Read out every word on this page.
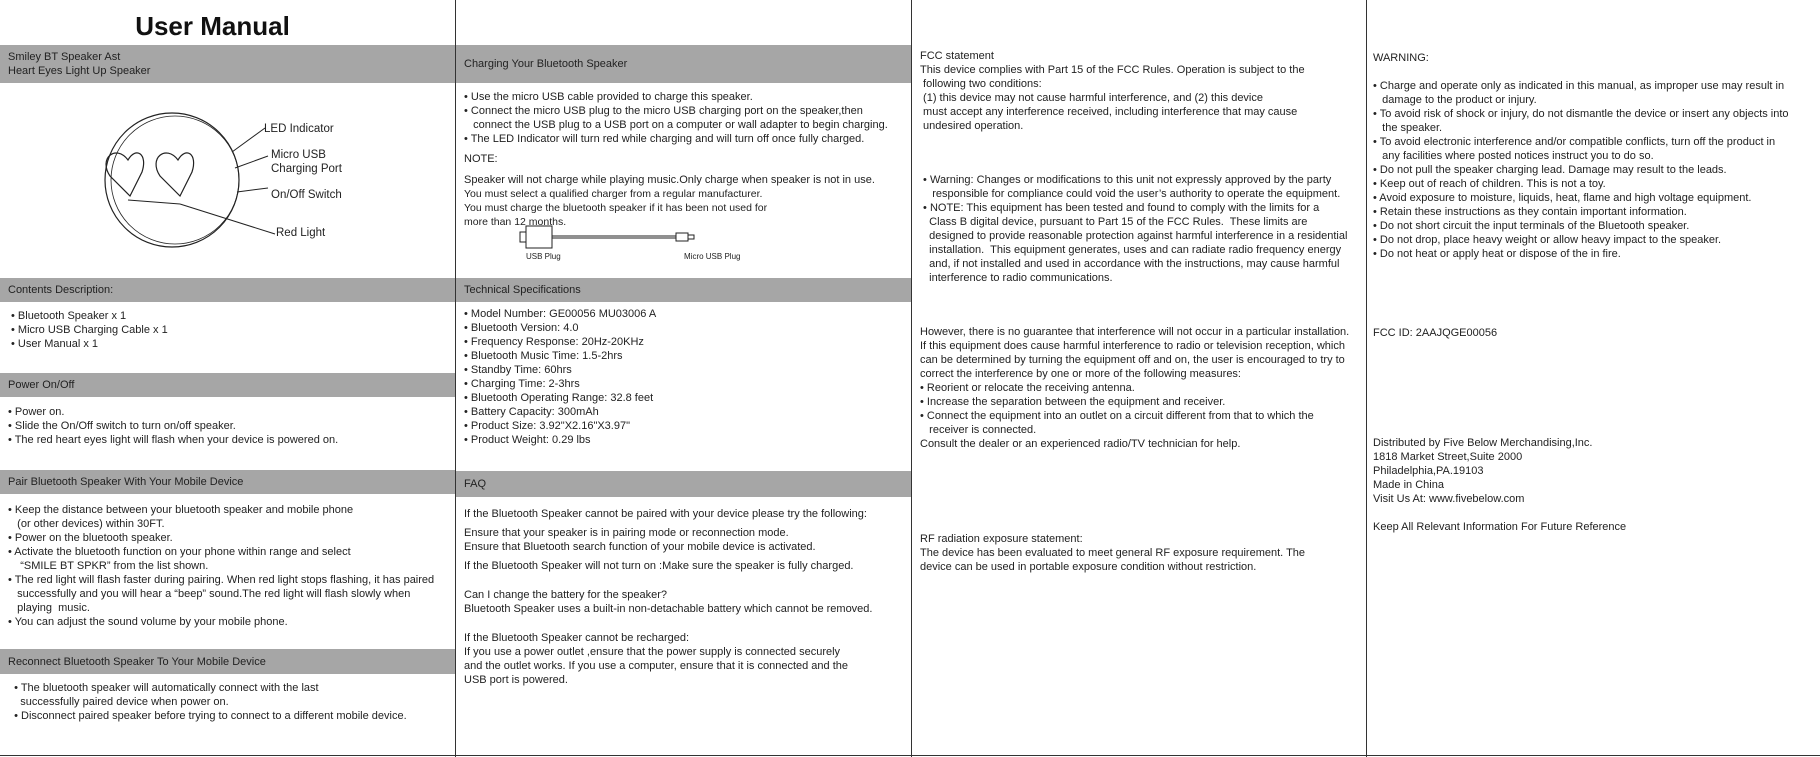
User Manual
Smiley BT Speaker Ast
Heart Eyes Light Up Speaker
LED Indicator
Micro USB
Charging Port
On/Off Switch
Red Light
Contents Description:
• Bluetooth Speaker x 1
• Micro USB Charging Cable x 1
• User Manual x 1
Power On/Off
• Power on.
• Slide the On/Off switch to turn on/off speaker.
• The red heart eyes light will flash when your device is powered on.
Pair Bluetooth Speaker With Your Mobile Device
• Keep the distance between your bluetooth speaker and mobile phone
(or other devices) within 30FT.
• Power on the bluetooth speaker.
• Activate the bluetooth function on your phone within range and select
“SMILE BT SPKR” from the list shown.
• The red light will flash faster during pairing. When red light stops flashing, it has paired
successfully and you will hear a “beep” sound.The red light will flash slowly when
playing  music.
• You can adjust the sound volume by your mobile phone.
Reconnect Bluetooth Speaker To Your Mobile Device
• The bluetooth speaker will automatically connect with the last
successfully paired device when power on.
• Disconnect paired speaker before trying to connect to a different mobile device.
Charging Your Bluetooth Speaker
• Use the micro USB cable provided to charge this speaker.
• Connect the micro USB plug to the micro USB charging port on the speaker,then
connect the USB plug to a USB port on a computer or wall adapter to begin charging.
• The LED Indicator will turn red while charging and will turn off once fully charged.
NOTE:
Speaker will not charge while playing music.Only charge when speaker is not in use.
You must select a qualified charger from a regular manufacturer.
You must charge the bluetooth speaker if it has been not used for
more than 12 months.
USB Plug	Micro USB Plug
Technical Specifications
• Model Number: GE00056 MU03006 A
• Bluetooth Version: 4.0
• Frequency Response: 20Hz-20KHz
• Bluetooth Music Time: 1.5-2hrs
• Standby Time: 60hrs
• Charging Time: 2-3hrs
• Bluetooth Operating Range: 32.8 feet
• Battery Capacity: 300mAh
• Product Size: 3.92"X2.16"X3.97"
• Product Weight: 0.29 lbs
FAQ
If the Bluetooth Speaker cannot be paired with your device please try the following:
Ensure that your speaker is in pairing mode or reconnection mode.
Ensure that Bluetooth search function of your mobile device is activated.
If the Bluetooth Speaker will not turn on :Make sure the speaker is fully charged.
Can I change the battery for the speaker?
Bluetooth Speaker uses a built-in non-detachable battery which cannot be removed.
If the Bluetooth Speaker cannot be recharged:
If you use a power outlet ,ensure that the power supply is connected securely
and the outlet works. If you use a computer, ensure that it is connected and the
USB port is powered.
FCC statement
This device complies with Part 15 of the FCC Rules. Operation is subject to the
following two conditions:
(1) this device may not cause harmful interference, and (2) this device
must accept any interference received, including interference that may cause
undesired operation.
• Warning: Changes or modifications to this unit not expressly approved by the party
responsible for compliance could void the user’s authority to operate the equipment.
• NOTE: This equipment has been tested and found to comply with the limits for a
Class B digital device, pursuant to Part 15 of the FCC Rules.  These limits are
designed to provide reasonable protection against harmful interference in a residential
installation.  This equipment generates, uses and can radiate radio frequency energy
and, if not installed and used in accordance with the instructions, may cause harmful
interference to radio communications.
However, there is no guarantee that interference will not occur in a particular installation.
If this equipment does cause harmful interference to radio or television reception, which
can be determined by turning the equipment off and on, the user is encouraged to try to
correct the interference by one or more of the following measures:
• Reorient or relocate the receiving antenna.
• Increase the separation between the equipment and receiver.
• Connect the equipment into an outlet on a circuit different from that to which the
receiver is connected.
Consult the dealer or an experienced radio/TV technician for help.
RF radiation exposure statement:
The device has been evaluated to meet general RF exposure requirement. The
device can be used in portable exposure condition without restriction.
WARNING:
• Charge and operate only as indicated in this manual, as improper use may result in
damage to the product or injury.
• To avoid risk of shock or injury, do not dismantle the device or insert any objects into
the speaker.
• To avoid electronic interference and/or compatible conflicts, turn off the product in
any facilities where posted notices instruct you to do so.
• Do not pull the speaker charging lead. Damage may result to the leads.
• Keep out of reach of children. This is not a toy.
• Avoid exposure to moisture, liquids, heat, flame and high voltage equipment.
• Retain these instructions as they contain important information.
• Do not short circuit the input terminals of the Bluetooth speaker.
• Do not drop, place heavy weight or allow heavy impact to the speaker.
• Do not heat or apply heat or dispose of the in fire.
FCC ID: 2AAJQGE00056
Distributed by Five Below Merchandising,Inc.
1818 Market Street,Suite 2000
Philadelphia,PA.19103
Made in China
Visit Us At: www.fivebelow.com
Keep All Relevant Information For Future Reference
